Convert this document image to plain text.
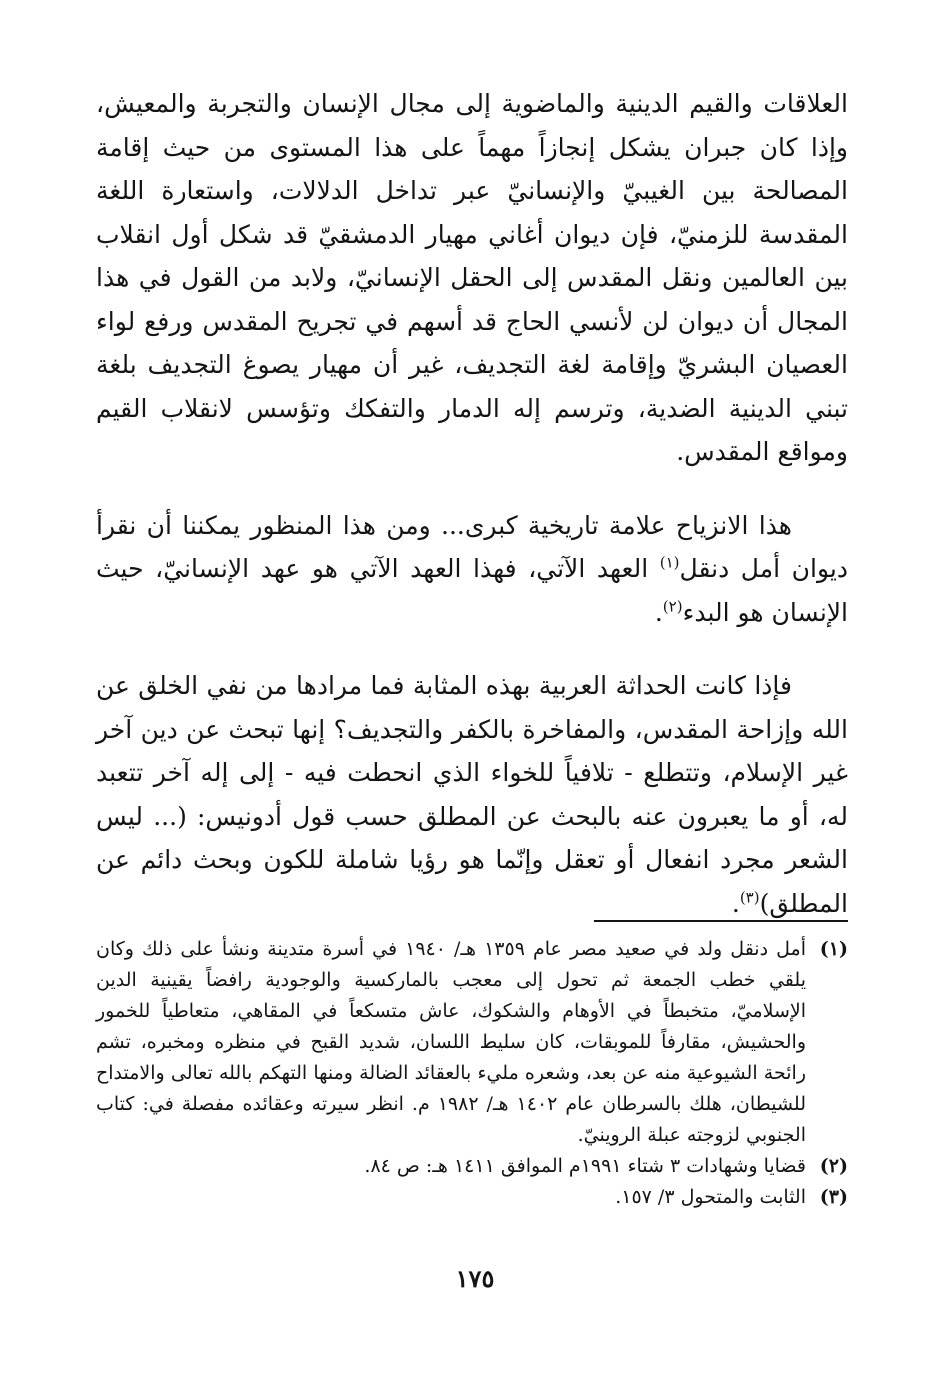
العلاقات والقيم الدينية والماضوية إلى مجال الإنسان والتجربة والمعيش، وإذا كان جبران يشكل إنجازاً مهماً على هذا المستوى من حيث إقامة المصالحة بين الغيبيّ والإنسانيّ عبر تداخل الدلالات، واستعارة اللغة المقدسة للزمنيّ، فإن ديوان أغاني مهيار الدمشقيّ قد شكل أول انقلاب بين العالمين ونقل المقدس إلى الحقل الإنسانيّ، ولابد من القول في هذا المجال أن ديوان لن لأنسي الحاج قد أسهم في تجريح المقدس ورفع لواء العصيان البشريّ وإقامة لغة التجديف، غير أن مهيار يصوغ التجديف بلغة تبني الدينية الضدية، وترسم إله الدمار والتفكك وتؤسس لانقلاب القيم ومواقع المقدس.

هذا الانزياح علامة تاريخية كبرى... ومن هذا المنظور يمكننا أن نقرأ ديوان أمل دنقل$^{(١)}$ العهد الآتي، فهذا العهد الآتي هو عهد الإنسانيّ، حيث الإنسان هو البدء$^{(٢)}$.

فإذا كانت الحداثة العربية بهذه المثابة فما مرادها من نفي الخلق عن الله وإزاحة المقدس، والمفاخرة بالكفر والتجديف؟ إنها تبحث عن دين آخر غير الإسلام، وتتطلع - تلافياً للخواء الذي انحطت فيه - إلى إله آخر تتعبد له، أو ما يعبرون عنه بالبحث عن المطلق حسب قول أدونيس: (... ليس الشعر مجرد انفعال أو تعقل وإنّما هو رؤيا شاملة للكون وبحث دائم عن المطلق)$^{(٣)}$.

(١)
أمل دنقل ولد في صعيد مصر عام ١٣٥٩ هـ/ ١٩٤٠ في أسرة متدينة ونشأ على ذلك وكان يلقي خطب الجمعة ثم تحول إلى معجب بالماركسية والوجودية رافضاً يقينية الدين الإسلاميّ، متخبطاً في الأوهام والشكوك، عاش متسكعاً في المقاهي، متعاطياً للخمور والحشيش، مقارفاً للموبقات، كان سليط اللسان، شديد القبح في منظره ومخبره، تشم رائحة الشيوعية منه عن بعد، وشعره مليء بالعقائد الضالة ومنها التهكم بالله تعالى والامتداح للشيطان، هلك بالسرطان عام ١٤٠٢ هـ/ ١٩٨٢ م. انظر سيرته وعقائده مفصلة في: كتاب الجنوبي لزوجته عبلة الروينيّ.
(٢)
قضايا وشهادات ٣ شتاء ١٩٩١م الموافق ١٤١١ هـ: ص ٨٤.
(٣)
الثابت والمتحول ٣/ ١٥٧.
١٧٥
